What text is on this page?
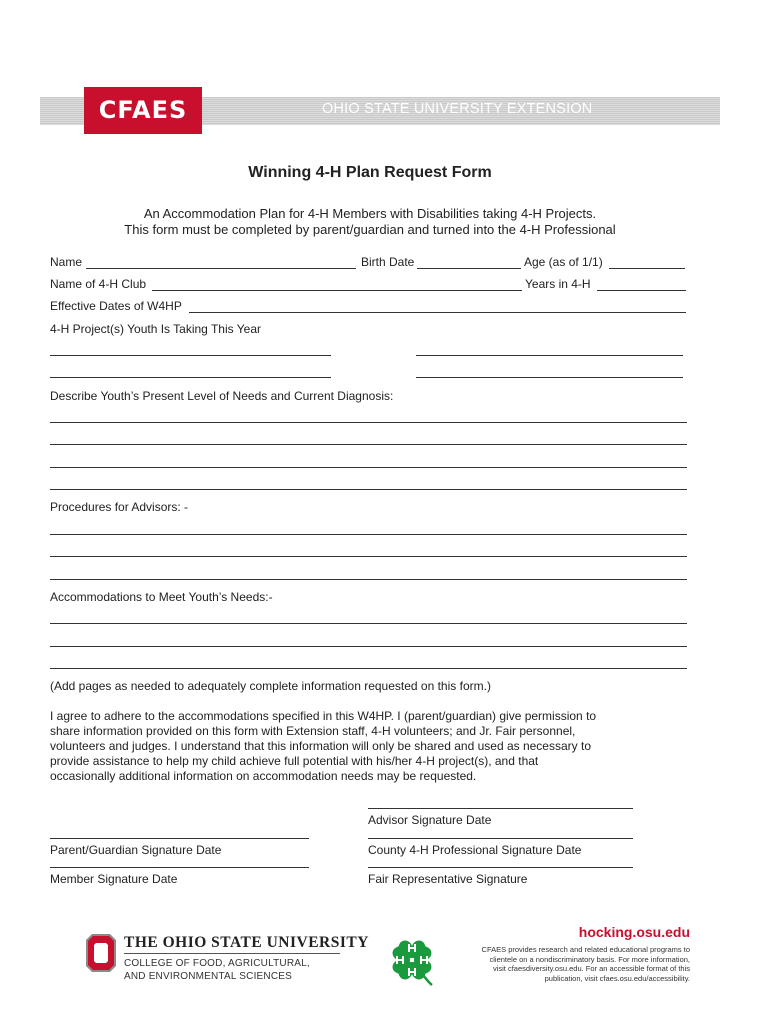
OHIO STATE UNIVERSITY EXTENSION
CFAES
Winning 4-H Plan Request Form
An Accommodation Plan for 4-H Members with Disabilities taking 4-H Projects.
This form must be completed by parent/guardian and turned into the 4-H Professional
Name	Birth Date	Age (as of 1/1)
Name of 4-H Club	Years in 4-H
Effective Dates of W4HP
4-H Project(s) Youth Is Taking This Year
Describe Youth’s Present Level of Needs and Current Diagnosis:
Procedures for Advisors: -
Accommodations to Meet Youth’s Needs:-
(Add pages as needed to adequately complete information requested on this form.)
I agree to adhere to the accommodations specified in this W4HP. I (parent/guardian) give permission to
share information provided on this form with Extension staff, 4-H volunteers; and Jr. Fair personnel,
volunteers and judges. I understand that this information will only be shared and used as necessary to
provide assistance to help my child achieve full potential with his/her 4-H project(s), and that
occasionally additional information on accommodation needs may be requested.
Advisor Signature Date
Parent/Guardian Signature Date	County 4-H Professional Signature Date
Member Signature Date	Fair Representative Signature
THE OHIO STATE UNIVERSITY
COLLEGE OF FOOD, AGRICULTURAL,
AND ENVIRONMENTAL SCIENCES
hocking.osu.edu
CFAES provides research and related educational programs to
clientele on a nondiscriminatory basis. For more information,
visit cfaesdiversity.osu.edu. For an accessible format of this
publication, visit cfaes.osu.edu/accessibility.
